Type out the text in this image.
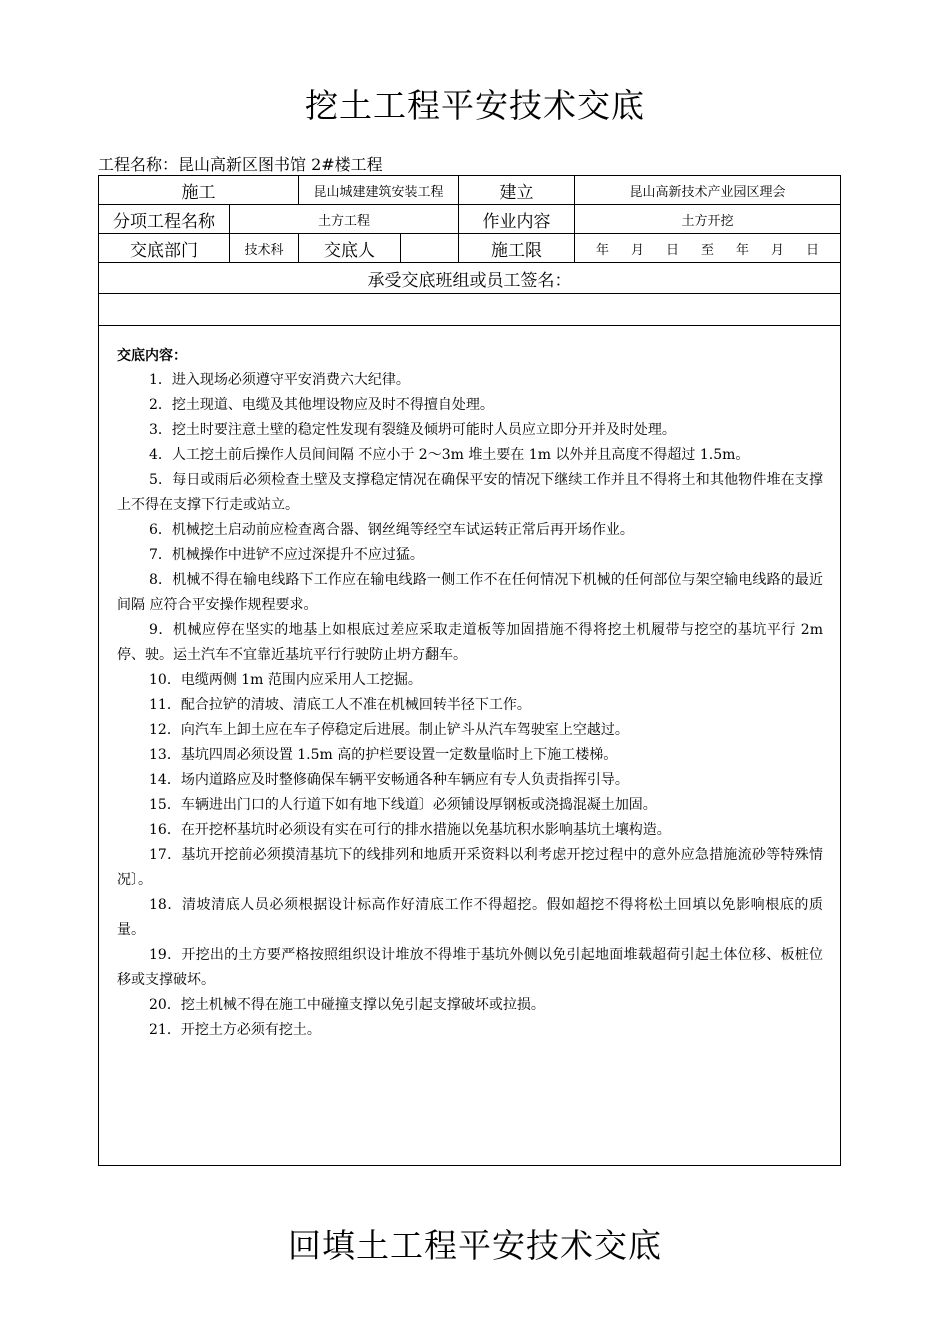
挖土工程平安技术交底
工程名称：昆山高新区图书馆 2#楼工程
施工		昆山城建建筑安装工程		建立	昆山高新技术产业园区理会
分项工程名称	土方工程			作业内容	土方开挖
交底部门	技术科	交底人		施工限	年 月 日 至 年 月 日
承受交底班组或员工签名：					

交底内容：

1．进入现场必须遵守平安消费六大纪律。

2．挖土现道、电缆及其他埋设物应及时不得擅自处理。

3．挖土时要注意土壁的稳定性发现有裂缝及倾坍可能时人员应立即分开并及时处理。

4．人工挖土前后操作人员间间隔 不应小于 2～3m 堆土要在 1m 以外并且高度不得超过 1.5m。

5．每日或雨后必须检查土壁及支撑稳定情况在确保平安的情况下继续工作并且不得将土和其他物件堆在支撑上不得在支撑下行走或站立。

6．机械挖土启动前应检查离合器、钢丝绳等经空车试运转正常后再开场作业。

7．机械操作中进铲不应过深提升不应过猛。

8．机械不得在输电线路下工作应在输电线路一侧工作不在任何情况下机械的任何部位与架空输电线路的最近间隔 应符合平安操作规程要求。

9．机械应停在坚实的地基上如根底过差应采取走道板等加固措施不得将挖土机履带与挖空的基坑平行 2m 停、驶。运土汽车不宜靠近基坑平行行驶防止坍方翻车。

10．电缆两侧 1m 范围内应采用人工挖掘。

11．配合拉铲的清坡、清底工人不准在机械回转半径下工作。

12．向汽车上卸土应在车子停稳定后进展。制止铲斗从汽车驾驶室上空越过。

13．基坑四周必须设置 1.5m 高的护栏要设置一定数量临时上下施工楼梯。

14．场内道路应及时整修确保车辆平安畅通各种车辆应有专人负责指挥引导。

15．车辆进出门口的人行道下如有地下线道〕必须铺设厚钢板或浇捣混凝土加固。

16．在开挖杯基坑时必须设有实在可行的排水措施以免基坑积水影响基坑土壤构造。

17．基坑开挖前必须摸清基坑下的线排列和地质开采资料以利考虑开挖过程中的意外应急措施流砂等特殊情况〕。

18．清坡清底人员必须根据设计标高作好清底工作不得超挖。假如超挖不得将松土回填以免影响根底的质量。

19．开挖出的土方要严格按照组织设计堆放不得堆于基坑外侧以免引起地面堆载超荷引起土体位移、板桩位移或支撑破坏。

20．挖土机械不得在施工中碰撞支撑以免引起支撑破坏或拉损。

21．开挖土方必须有挖土。

回填土工程平安技术交底
